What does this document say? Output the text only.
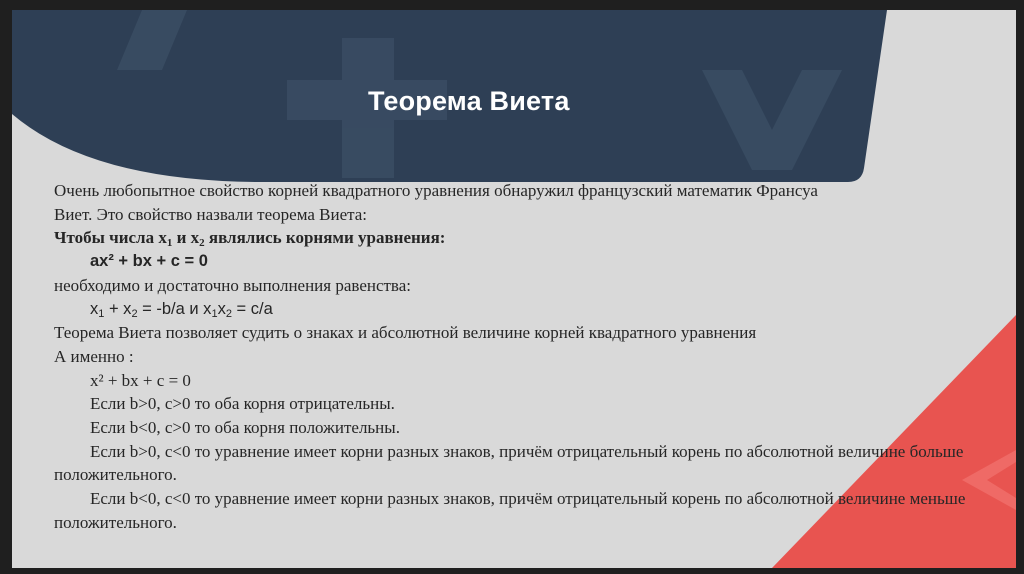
Теорема Виета

Очень любопытное свойство корней квадратного уравнения обнаружил французский математик Франсуа

Виет. Это свойство назвали теорема Виета:

Чтобы числа $x_1$ и $x_2$ являлись корнями уравнения:

ax² + bx + c = 0

необходимо и достаточно выполнения равенства:

$x_1 + x_2 = -b/a$ и $x_1x_2 = c/a$

Теорема Виета позволяет судить о знаках и абсолютной величине корней квадратного уравнения

А именно :

x² + bx + c = 0

Если b>0, c>0 то оба корня отрицательны.

Если b<0, c>0 то оба корня положительны.

Если b>0, c<0 то уравнение имеет корни разных знаков, причём отрицательный корень по абсолютной величине больше положительного.

Если b<0, c<0 то уравнение имеет корни разных знаков, причём отрицательный корень по абсолютной величине меньше положительного.
